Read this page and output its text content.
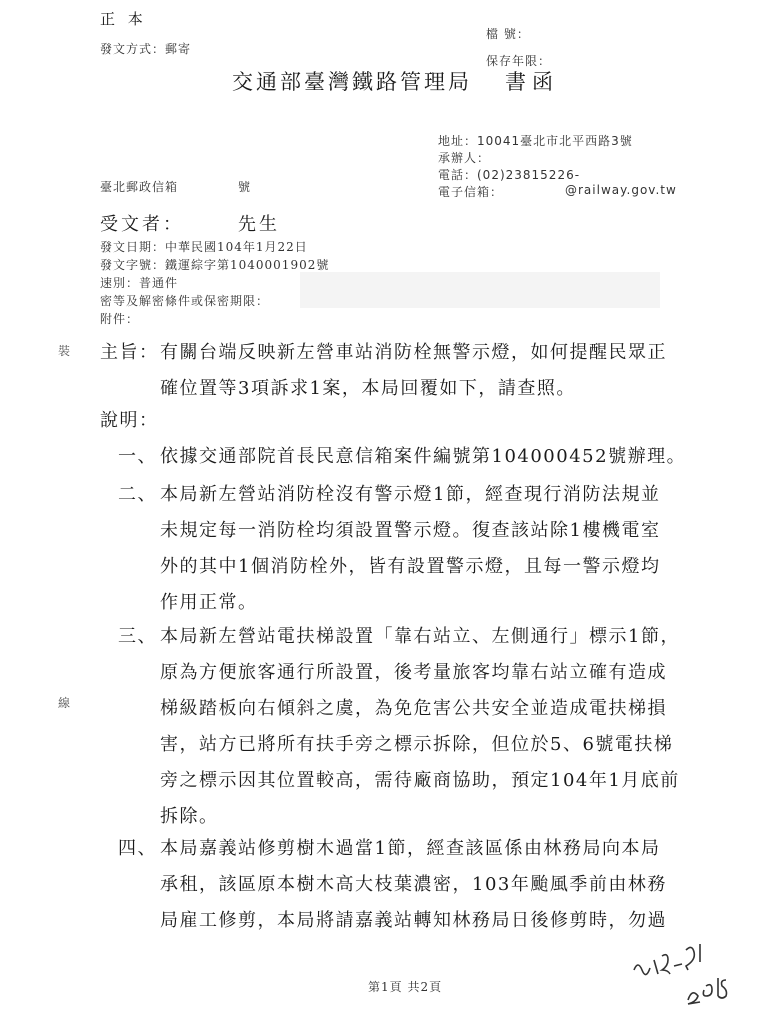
正 本
發文方式：郵寄
檔 號：
保存年限：
交通部臺灣鐵路管理局 書函
地址：10041臺北市北平西路3號
承辦人：
電話：(02)23815226-
電子信箱：	@railway.gov.tw
臺北郵政信箱	號
受文者：	先生
發文日期：中華民國104年1月22日
發文字號：鐵運綜字第1040001902號
速別：普通件
密等及解密條件或保密期限：
附件：
裝
線
主旨： 有關台端反映新左營車站消防栓無警示燈，如何提醒民眾正
確位置等3項訴求1案，本局回覆如下，請查照。
說明：
一、 依據交通部院首長民意信箱案件編號第104000452號辦理。
二、 本局新左營站消防栓沒有警示燈1節，經查現行消防法規並
未規定每一消防栓均須設置警示燈。復查該站除1樓機電室
外的其中1個消防栓外，皆有設置警示燈，且每一警示燈均
作用正常。
三、 本局新左營站電扶梯設置「靠右站立、左側通行」標示1節，
原為方便旅客通行所設置，後考量旅客均靠右站立確有造成
梯級踏板向右傾斜之虞，為免危害公共安全並造成電扶梯損
害，站方已將所有扶手旁之標示拆除，但位於5、6號電扶梯
旁之標示因其位置較高，需待廠商協助，預定104年1月底前
拆除。
四、 本局嘉義站修剪樹木過當1節，經查該區係由林務局向本局
承租，該區原本樹木高大枝葉濃密，103年颱風季前由林務
局雇工修剪，本局將請嘉義站轉知林務局日後修剪時，勿過
第1頁 共2頁
